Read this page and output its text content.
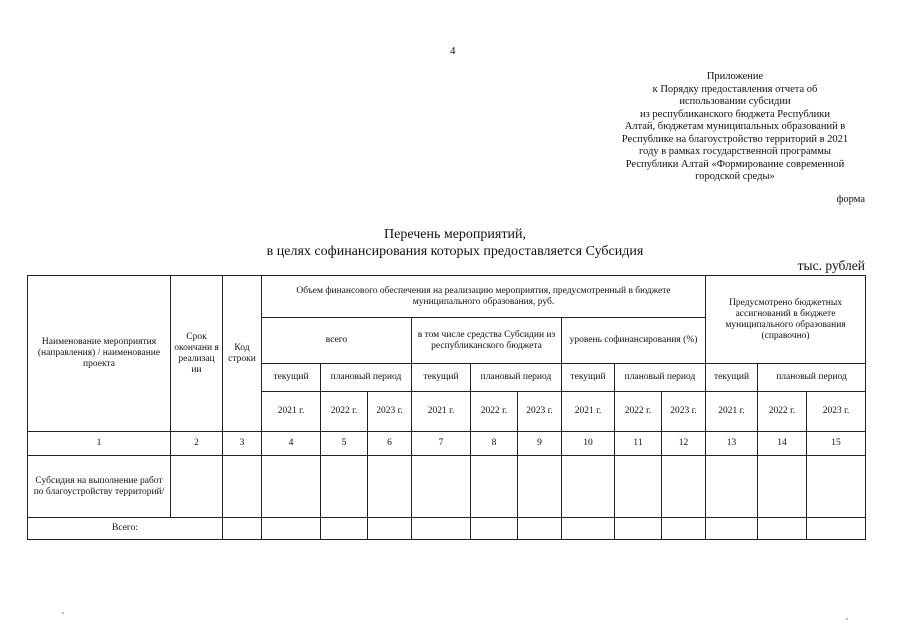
4
Приложение
к Порядку предоставления отчета об
использовании субсидии
из республиканского бюджета Республики
Алтай, бюджетам муниципальных образований в
Республике на благоустройство территорий в 2021
году в рамках государственной программы
Республики Алтай «Формирование современной
городской среды»
форма
Перечень мероприятий,
в целях софинансирования которых предоставляется Субсидия
тыс. рублей
Наименование мероприятия (направления) / наименование проекта	Срок окончани я реализац ии	Код строки	Объем финансового обеспечения на реализацию мероприятия, предусмотренный в бюджете муниципального образования, руб.									Предусмотрено бюджетных ассигнований в бюджете муниципального образования (справочно)		
			всего			в том числе средства Субсидии из республиканского бюджета			уровень софинансирования (%)					
			текущий	плановый период		текущий	плановый период		текущий	плановый период		текущий	плановый период	
			2021 г.	2022 г.	2023 г.	2021 г.	2022 г.	2023 г.	2021 г.	2022 г.	2023 г.	2021 г.	2022 г.	2023 г.
1	2	3	4	5	6	7	8	9	10	11	12	13	14	15
Субсидия на выполнение работ по благоустройству территорий/														
Всего:														
